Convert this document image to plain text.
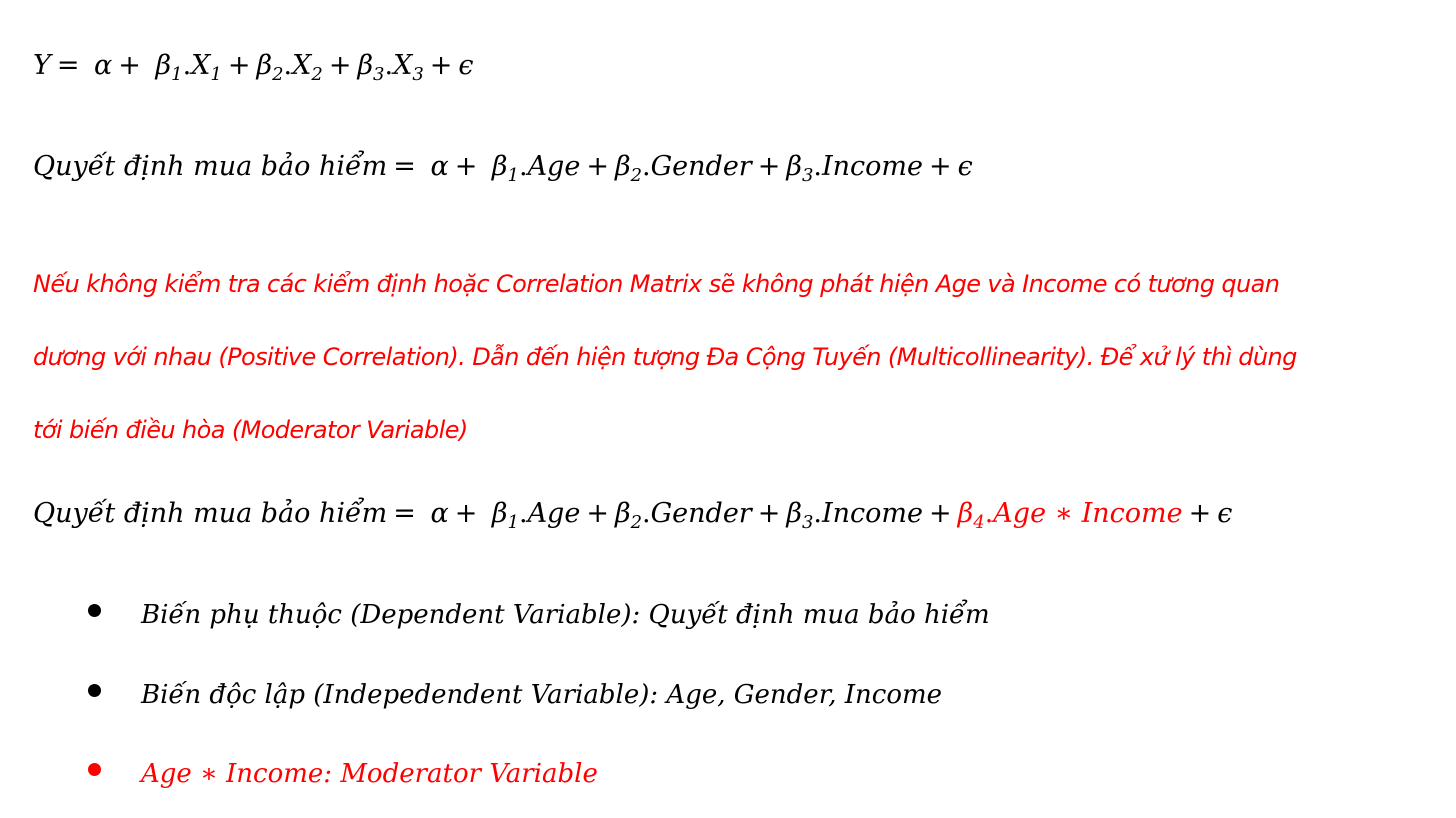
$Y = \alpha + \beta_1.X_1 + \beta_2.X_2 + \beta_3.X_3 + \epsilon$
Quyết định mua bảo hiểm = $\alpha + \beta_1.Age$ + $\beta_2.Gender$ + $\beta_3.Income + \epsilon$
Nếu không kiểm tra các kiểm định hoặc Correlation Matrix sẽ không phát hiện Age và Income có tương quan
dương với nhau (Positive Correlation). Dẫn đến hiện tượng Đa Cộng Tuyến (Multicollinearity). Để xử lý thì dùng
tới biến điều hòa (Moderator Variable)
Quyết định mua bảo hiểm = $\alpha + \beta_1.Age$ + $\beta_2.Gender$ + $\beta_3.Income + \beta_4.Age$ ∗ Income + ϵ
Biến phụ thuộc (Dependent Variable): Quyết định mua bảo hiểm
Biến độc lập (Indepedendent Variable): Age, Gender, Income
Age ∗ Income: Moderator Variable
